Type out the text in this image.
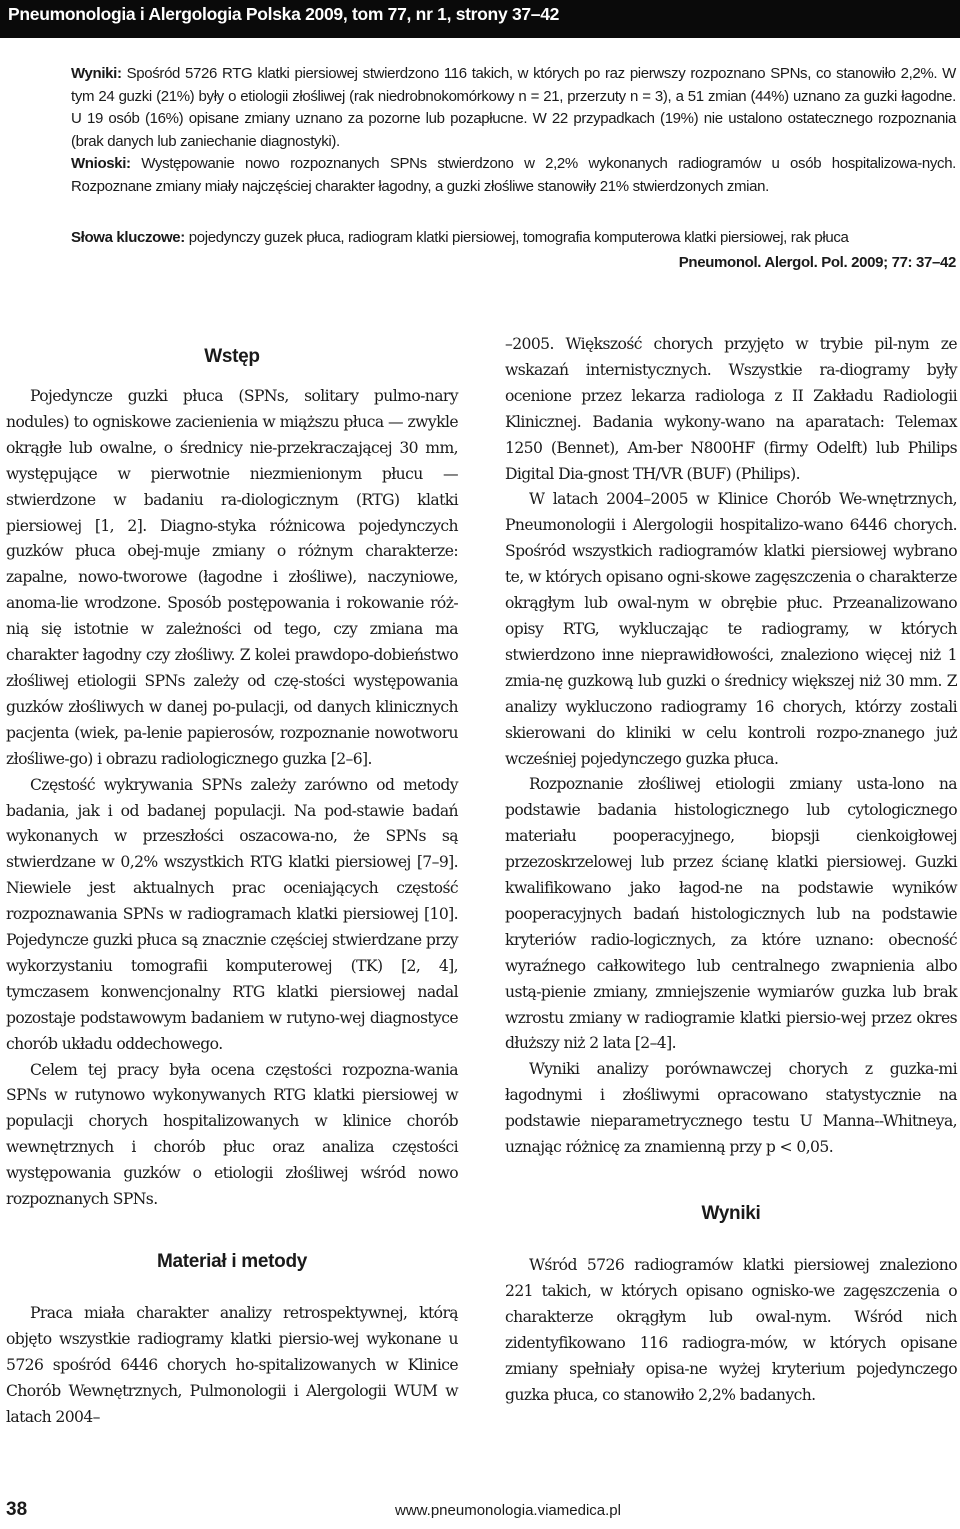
Pneumonologia i Alergologia Polska 2009, tom 77, nr 1, strony 37–42

Wyniki: Spośród 5726 RTG klatki piersiowej stwierdzono 116 takich, w których po raz pierwszy rozpoznano SPNs, co stanowiło 2,2%. W tym 24 guzki (21%) były o etiologii złośliwej (rak niedrobnokomórkowy n = 21, przerzuty n = 3), a 51 zmian (44%) uznano za guzki łagodne. U 19 osób (16%) opisane zmiany uznano za pozorne lub pozapłucne. W 22 przypadkach (19%) nie ustalono ostatecznego rozpoznania (brak danych lub zaniechanie diagnostyki).

Wnioski: Występowanie nowo rozpoznanych SPNs stwierdzono w 2,2% wykonanych radiogramów u osób hospitalizowa-nych. Rozpoznane zmiany miały najczęściej charakter łagodny, a guzki złośliwe stanowiły 21% stwierdzonych zmian.

Słowa kluczowe: pojedynczy guzek płuca, radiogram klatki piersiowej, tomografia komputerowa klatki piersiowej, rak płuca

Pneumonol. Alergol. Pol. 2009; 77: 37–42

Wstęp

Pojedyncze guzki płuca (SPNs, solitary pulmo-nary nodules) to ogniskowe zacienienia w miąższu płuca — zwykle okrągłe lub owalne, o średnicy nie-przekraczającej 30 mm, występujące w pierwotnie niezmienionym płucu — stwierdzone w badaniu ra-diologicznym (RTG) klatki piersiowej [1, 2]. Diagno-styka różnicowa pojedynczych guzków płuca obej-muje zmiany o różnym charakterze: zapalne, nowo-tworowe (łagodne i złośliwe), naczyniowe, anoma-lie wrodzone. Sposób postępowania i rokowanie róż-nią się istotnie w zależności od tego, czy zmiana ma charakter łagodny czy złośliwy. Z kolei prawdopo-dobieństwo złośliwej etiologii SPNs zależy od czę-stości występowania guzków złośliwych w danej po-pulacji, od danych klinicznych pacjenta (wiek, pa-lenie papierosów, rozpoznanie nowotworu złośliwe-go) i obrazu radiologicznego guzka [2–6].

Częstość wykrywania SPNs zależy zarówno od metody badania, jak i od badanej populacji. Na pod-stawie badań wykonanych w przeszłości oszacowa-no, że SPNs są stwierdzane w 0,2% wszystkich RTG klatki piersiowej [7–9]. Niewiele jest aktualnych prac oceniających częstość rozpoznawania SPNs w radiogramach klatki piersiowej [10]. Pojedyncze guzki płuca są znacznie częściej stwierdzane przy wykorzystaniu tomografii komputerowej (TK) [2, 4], tymczasem konwencjonalny RTG klatki piersiowej nadal pozostaje podstawowym badaniem w rutyno-wej diagnostyce chorób układu oddechowego.

Celem tej pracy była ocena częstości rozpozna-wania SPNs w rutynowo wykonywanych RTG klatki piersiowej w populacji chorych hospitalizowanych w klinice chorób wewnętrznych i chorób płuc oraz analiza częstości występowania guzków o etiologii złośliwej wśród nowo rozpoznanych SPNs.

Materiał i metody

Praca miała charakter analizy retrospektywnej, którą objęto wszystkie radiogramy klatki piersio-wej wykonane u 5726 spośród 6446 chorych ho-spitalizowanych w Klinice Chorób Wewnętrznych, Pulmonologii i Alergologii WUM w latach 2004–

–2005. Większość chorych przyjęto w trybie pil-nym ze wskazań internistycznych. Wszystkie ra-diogramy były ocenione przez lekarza radiologa z II Zakładu Radiologii Klinicznej. Badania wykony-wano na aparatach: Telemax 1250 (Bennet), Am-ber N800HF (firmy Odelft) lub Philips Digital Dia-gnost TH/VR (BUF) (Philips).

W latach 2004–2005 w Klinice Chorób We-wnętrznych, Pneumonologii i Alergologii hospitalizo-wano 6446 chorych. Spośród wszystkich radiogramów klatki piersiowej wybrano te, w których opisano ogni-skowe zagęszczenia o charakterze okrągłym lub owal-nym w obrębie płuc. Przeanalizowano opisy RTG, wykluczając te radiogramy, w których stwierdzono inne nieprawidłowości, znaleziono więcej niż 1 zmia-nę guzkową lub guzki o średnicy większej niż 30 mm. Z analizy wykluczono radiogramy 16 chorych, którzy zostali skierowani do kliniki w celu kontroli rozpo-znanego już wcześniej pojedynczego guzka płuca.

Rozpoznanie złośliwej etiologii zmiany usta-lono na podstawie badania histologicznego lub cytologicznego materiału pooperacyjnego, biopsji cienkoigłowej przezoskrzelowej lub przez ścianę klatki piersiowej. Guzki kwalifikowano jako łagod-ne na podstawie wyników pooperacyjnych badań histologicznych lub na podstawie kryteriów radio-logicznych, za które uznano: obecność wyraźnego całkowitego lub centralnego zwapnienia albo ustą-pienie zmiany, zmniejszenie wymiarów guzka lub brak wzrostu zmiany w radiogramie klatki piersio-wej przez okres dłuższy niż 2 lata [2–4].

Wyniki analizy porównawczej chorych z guzka-mi łagodnymi i złośliwymi opracowano statystycznie na podstawie nieparametrycznego testu U Manna--Whitneya, uznając różnicę za znamienną przy p < 0,05.

Wyniki

Wśród 5726 radiogramów klatki piersiowej znaleziono 221 takich, w których opisano ognisko-we zagęszczenia o charakterze okrągłym lub owal-nym. Wśród nich zidentyfikowano 116 radiogra-mów, w których opisane zmiany spełniały opisa-ne wyżej kryterium pojedynczego guzka płuca, co stanowiło 2,2% badanych.

38	www.pneumonologia.viamedica.pl
